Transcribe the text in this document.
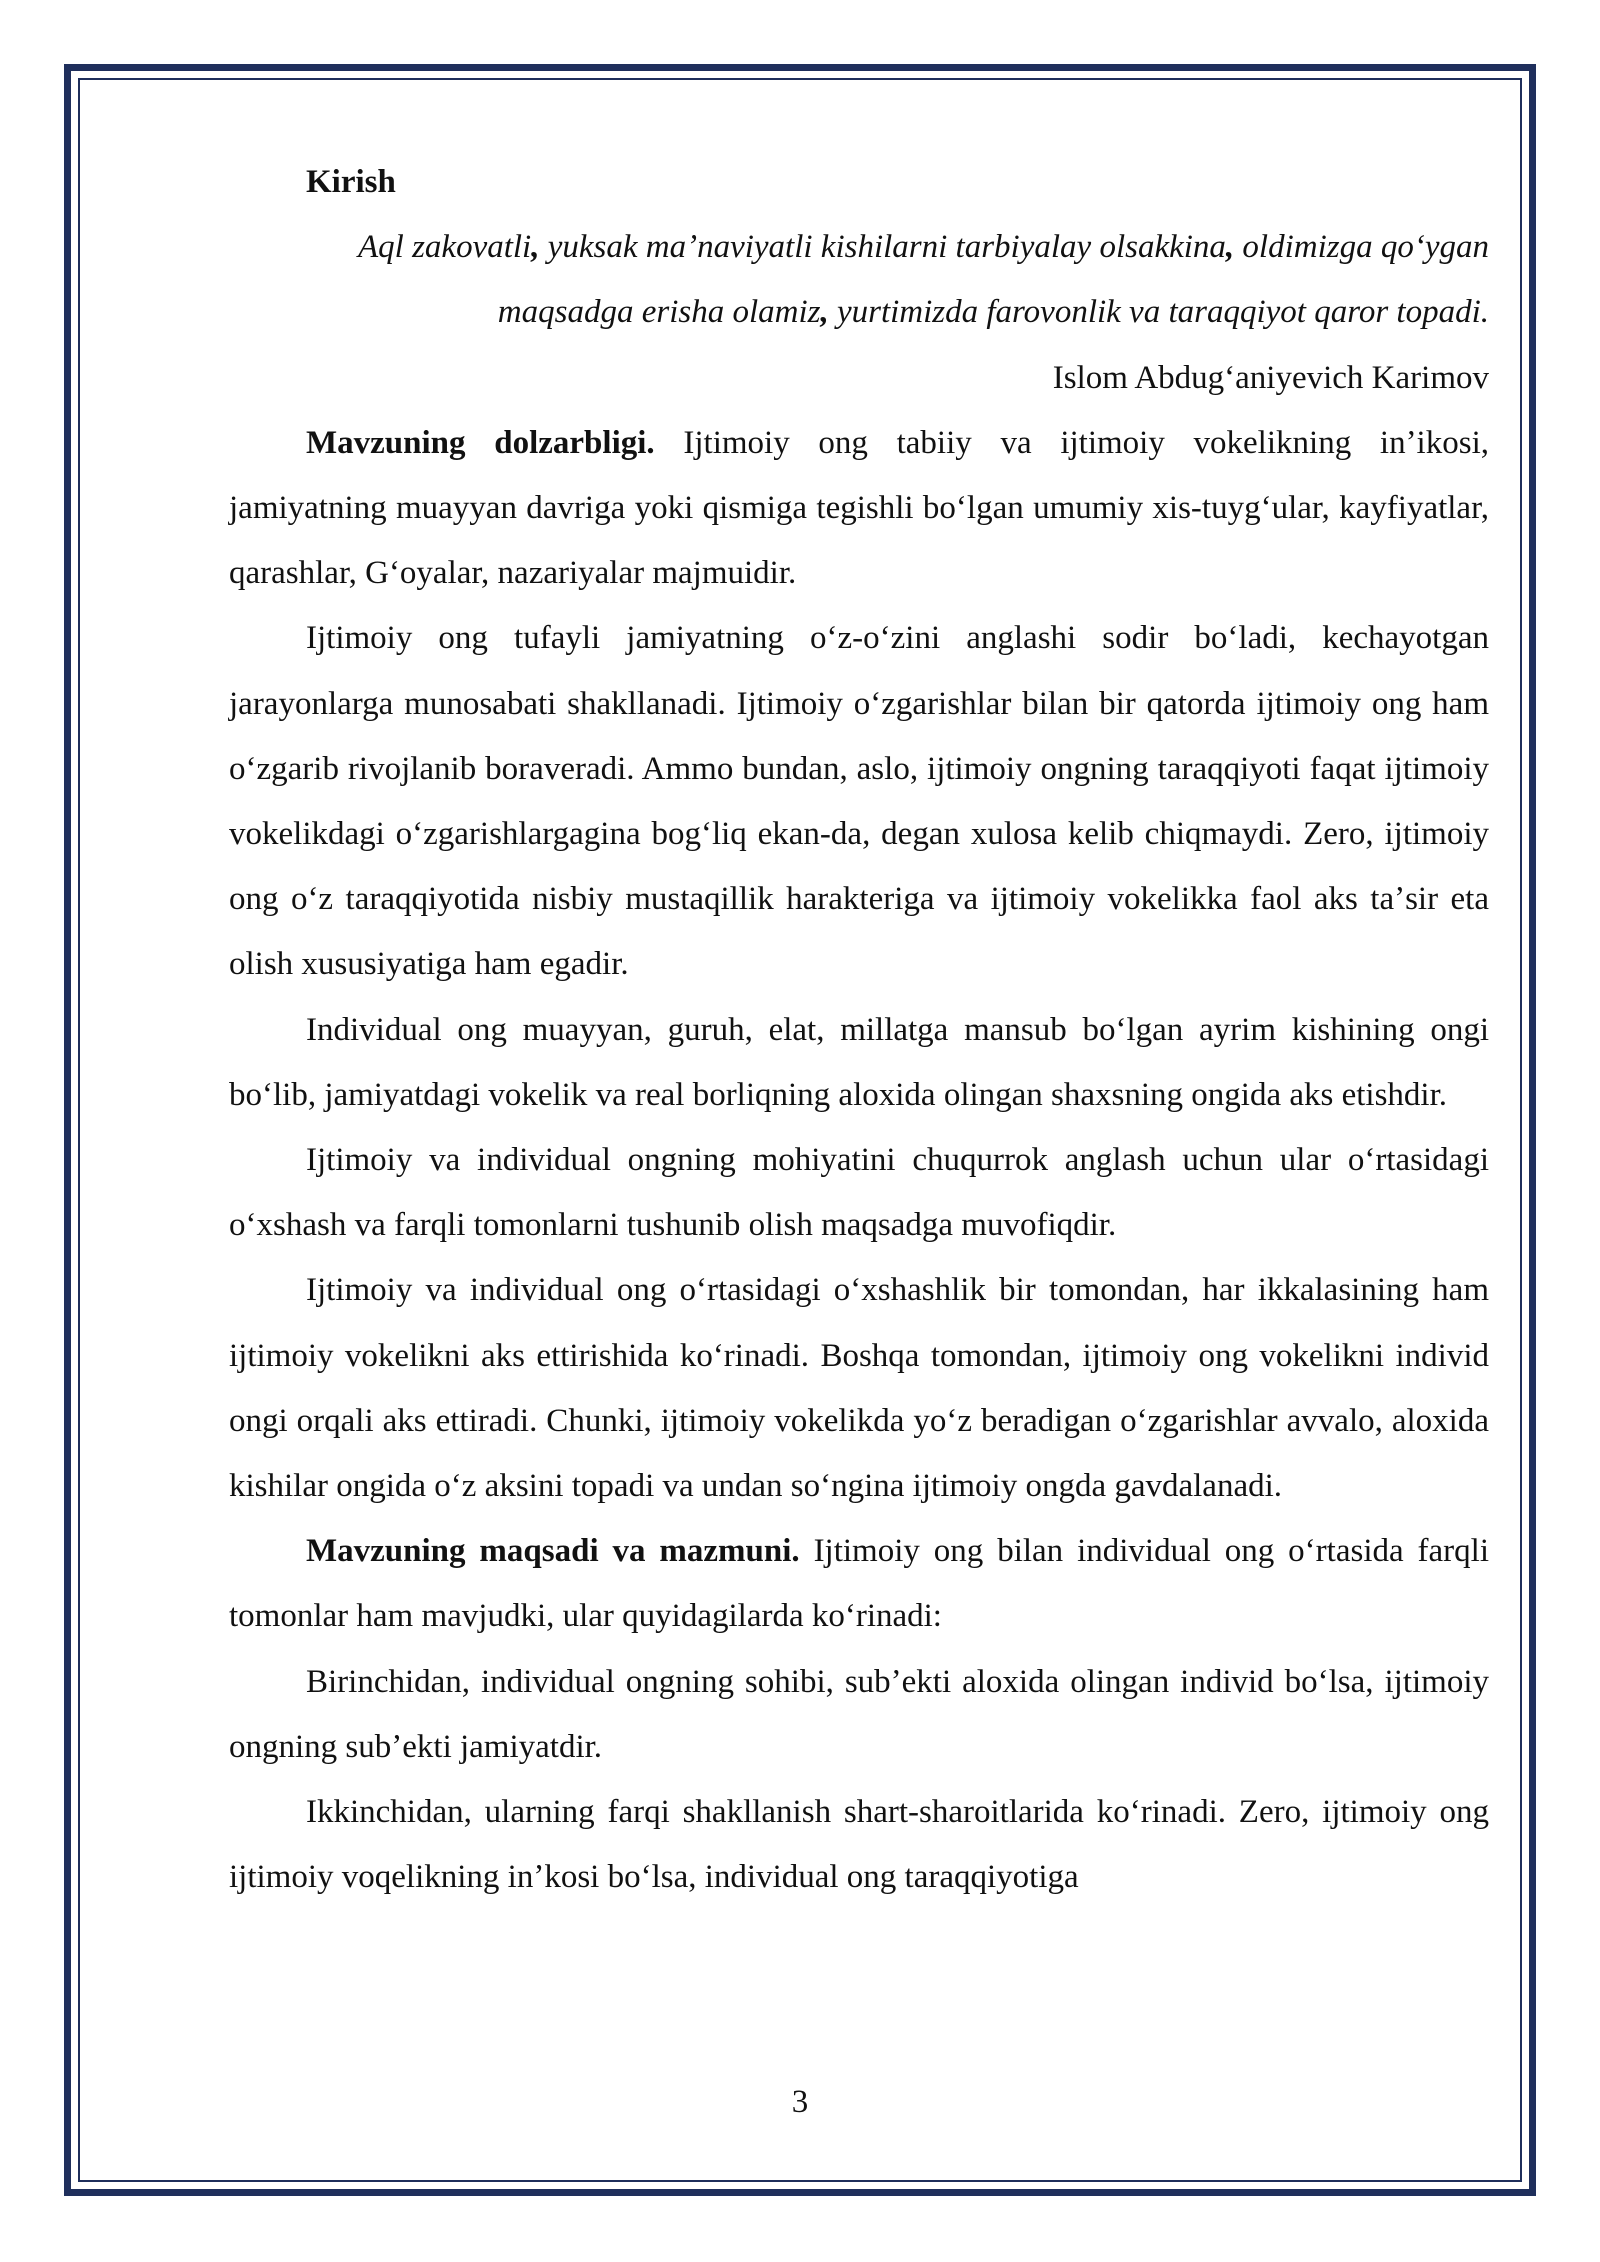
Kirish

Aql zakovatli, yuksak maʼnaviyatli kishilarni tarbiyalay olsakkina, oldimizga qoʻygan maqsadga erisha olamiz, yurtimizda farovonlik va taraqqiyot qaror topadi.

Islom Abdugʻaniyevich Karimov

Mavzuning dolzarbligi. Ijtimoiy ong tabiiy va ijtimoiy vokelikning inʼikosi, jamiyatning muayyan davriga yoki qismiga tegishli boʻlgan umumiy xis-tuygʻular, kayfiyatlar, qarashlar, Gʻoyalar, nazariyalar majmuidir.

Ijtimoiy ong tufayli jamiyatning oʻz-oʻzini anglashi sodir boʻladi, kechayotgan jarayonlarga munosabati shakllanadi. Ijtimoiy oʻzgarishlar bilan bir qatorda ijtimoiy ong ham oʻzgarib rivojlanib boraveradi. Ammo bundan, aslo, ijtimoiy ongning taraqqiyoti faqat ijtimoiy vokelikdagi oʻzgarishlargagina bogʻliq ekan-da, degan xulosa kelib chiqmaydi. Zero, ijtimoiy ong oʻz taraqqiyotida nisbiy mustaqillik harakteriga va ijtimoiy vokelikka faol aks taʼsir eta olish xususiyatiga ham egadir.

Individual ong muayyan, guruh, elat, millatga mansub boʻlgan ayrim kishining ongi boʻlib, jamiyatdagi vokelik va real borliqning aloxida olingan shaxsning ongida aks etishdir.

Ijtimoiy va individual ongning mohiyatini chuqurrok anglash uchun ular oʻrtasidagi oʻxshash va farqli tomonlarni tushunib olish maqsadga muvofiqdir.

Ijtimoiy va individual ong oʻrtasidagi oʻxshashlik bir tomondan, har ikkalasining ham ijtimoiy vokelikni aks ettirishida koʻrinadi. Boshqa tomondan, ijtimoiy ong vokelikni individ ongi orqali aks ettiradi. Chunki, ijtimoiy vokelikda yoʻz beradigan oʻzgarishlar avvalo, aloxida kishilar ongida oʻz aksini topadi va undan soʻngina ijtimoiy ongda gavdalanadi.

Mavzuning maqsadi va mazmuni. Ijtimoiy ong bilan individual ong oʻrtasida farqli tomonlar ham mavjudki, ular quyidagilarda koʻrinadi:

Birinchidan, individual ongning sohibi, subʼekti aloxida olingan individ boʻlsa, ijtimoiy ongning subʼekti jamiyatdir.

Ikkinchidan, ularning farqi shakllanish shart-sharoitlarida koʻrinadi. Zero, ijtimoiy ong ijtimoiy voqelikning inʼkosi boʻlsa, individual ong taraqqiyotiga

3
